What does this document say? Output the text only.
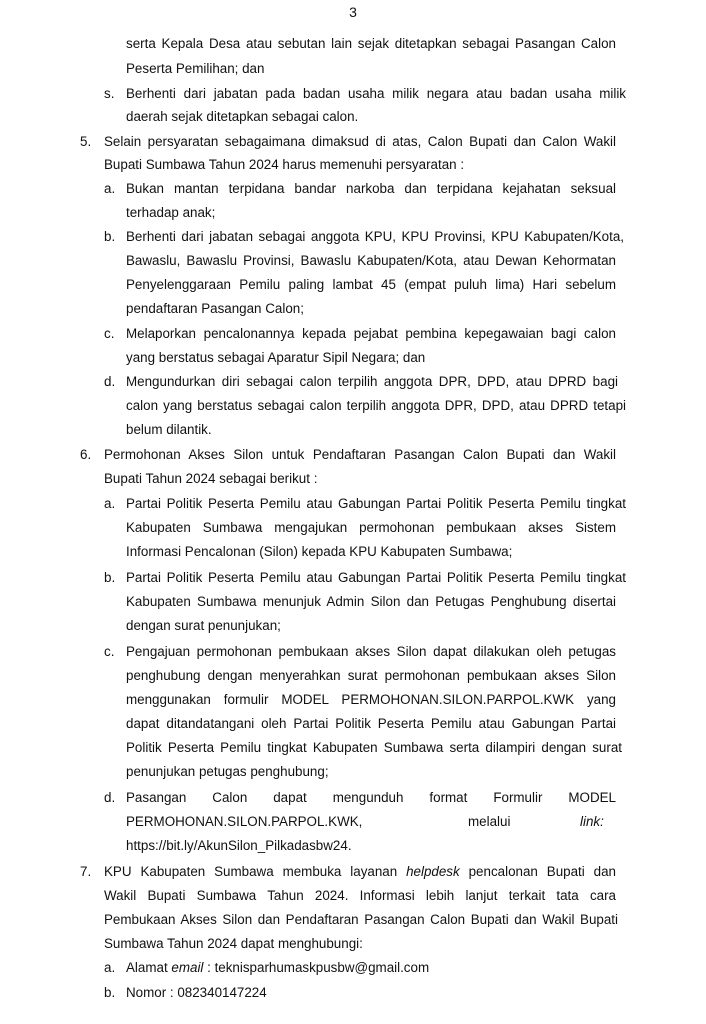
3
serta Kepala Desa atau sebutan lain sejak ditetapkan sebagai Pasangan Calon
Peserta Pemilihan; dan
s. Berhenti dari jabatan pada badan usaha milik negara atau badan usaha milik
daerah sejak ditetapkan sebagai calon.
5. Selain persyaratan sebagaimana dimaksud di atas, Calon Bupati dan Calon Wakil
Bupati Sumbawa Tahun 2024 harus memenuhi persyaratan :
a. Bukan mantan terpidana bandar narkoba dan terpidana kejahatan seksual
terhadap anak;
b. Berhenti dari jabatan sebagai anggota KPU, KPU Provinsi, KPU Kabupaten/Kota,
Bawaslu, Bawaslu Provinsi, Bawaslu Kabupaten/Kota, atau Dewan Kehormatan
Penyelenggaraan Pemilu paling lambat 45 (empat puluh lima) Hari sebelum
pendaftaran Pasangan Calon;
c. Melaporkan pencalonannya kepada pejabat pembina kepegawaian bagi calon
yang berstatus sebagai Aparatur Sipil Negara; dan
d. Mengundurkan diri sebagai calon terpilih anggota DPR, DPD, atau DPRD bagi
calon yang berstatus sebagai calon terpilih anggota DPR, DPD, atau DPRD tetapi
belum dilantik.
6. Permohonan Akses Silon untuk Pendaftaran Pasangan Calon Bupati dan Wakil
Bupati Tahun 2024 sebagai berikut :
a. Partai Politik Peserta Pemilu atau Gabungan Partai Politik Peserta Pemilu tingkat
Kabupaten Sumbawa mengajukan permohonan pembukaan akses Sistem
Informasi Pencalonan (Silon) kepada KPU Kabupaten Sumbawa;
b. Partai Politik Peserta Pemilu atau Gabungan Partai Politik Peserta Pemilu tingkat
Kabupaten Sumbawa menunjuk Admin Silon dan Petugas Penghubung disertai
dengan surat penunjukan;
c. Pengajuan permohonan pembukaan akses Silon dapat dilakukan oleh petugas
penghubung dengan menyerahkan surat permohonan pembukaan akses Silon
menggunakan formulir MODEL PERMOHONAN.SILON.PARPOL.KWK yang
dapat ditandatangani oleh Partai Politik Peserta Pemilu atau Gabungan Partai
Politik Peserta Pemilu tingkat Kabupaten Sumbawa serta dilampiri dengan surat
penunjukan petugas penghubung;
d. Pasangan Calon dapat mengunduh format Formulir MODEL
PERMOHONAN.SILON.PARPOL.KWK,	melalui	link:
https://bit.ly/AkunSilon_Pilkadasbw24.
7. KPU Kabupaten Sumbawa membuka layanan helpdesk pencalonan Bupati dan
Wakil Bupati Sumbawa Tahun 2024. Informasi lebih lanjut terkait tata cara
Pembukaan Akses Silon dan Pendaftaran Pasangan Calon Bupati dan Wakil Bupati
Sumbawa Tahun 2024 dapat menghubungi:
a. Alamat email : teknisparhumaskpusbw@gmail.com
b. Nomor : 082340147224
